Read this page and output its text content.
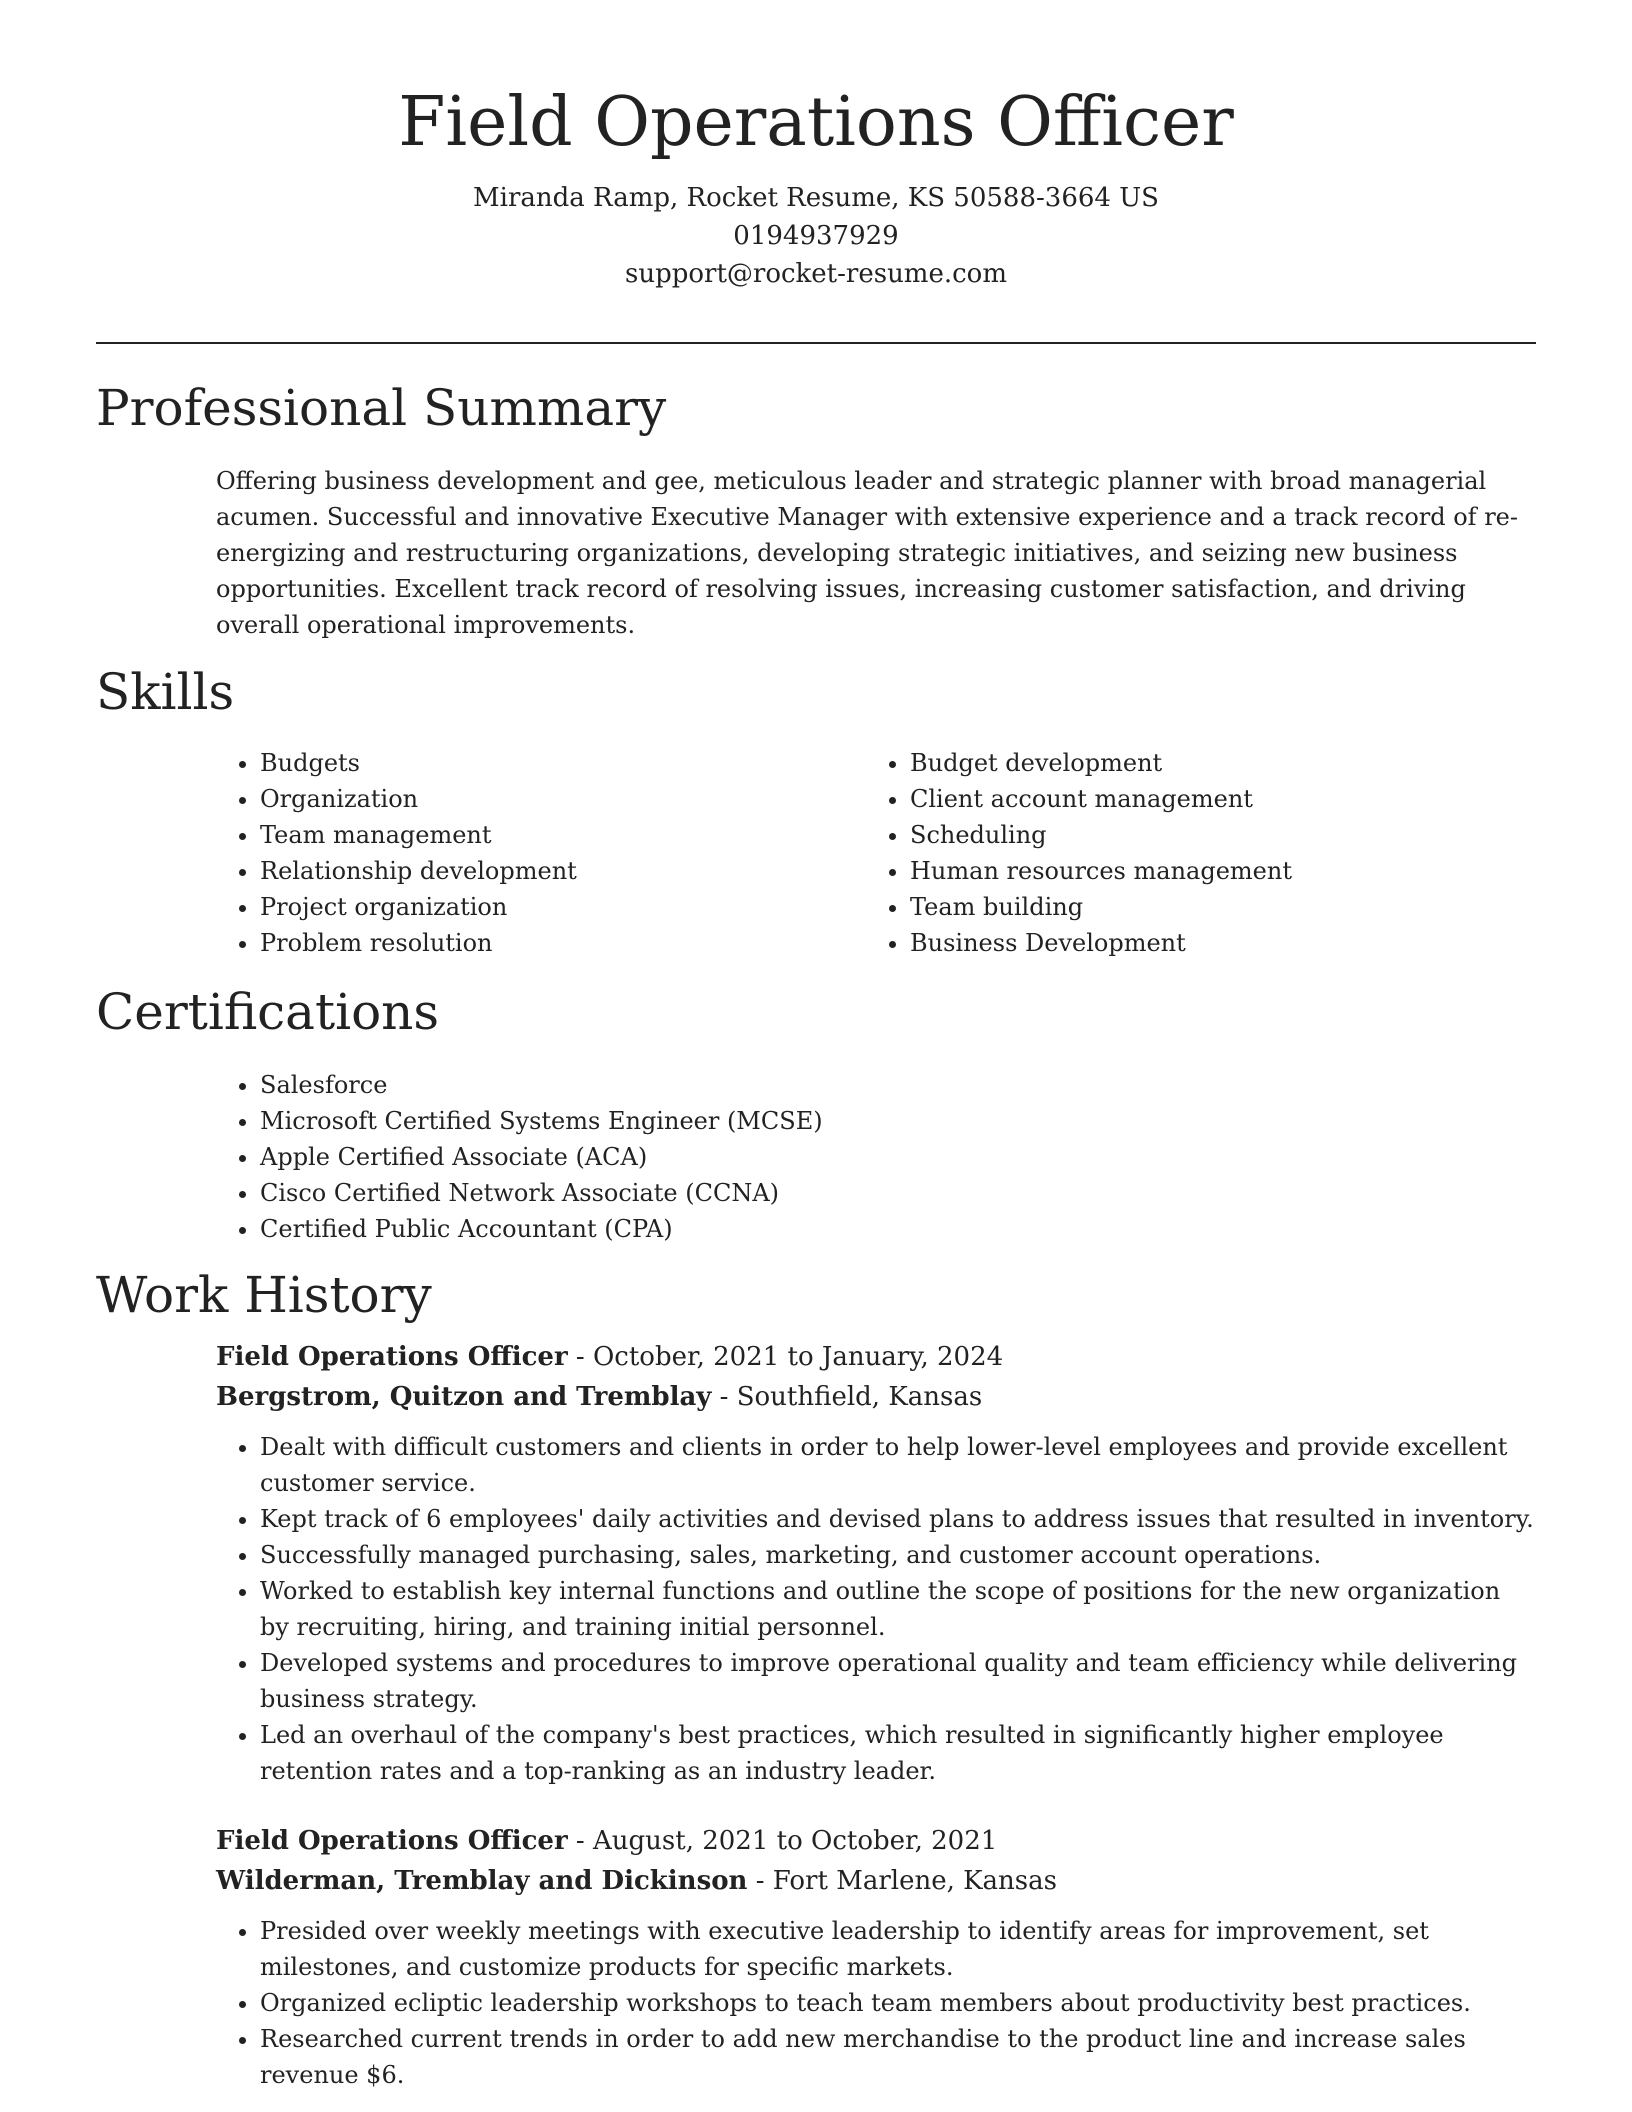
Field Operations Officer
Miranda Ramp, Rocket Resume, KS 50588-3664 US
0194937929
support@rocket-resume.com
Professional Summary

Offering business development and gee, meticulous leader and strategic planner with broad managerial acumen. Successful and innovative Executive Manager with extensive experience and a track record of re-energizing and restructuring organizations, developing strategic initiatives, and seizing new business opportunities. Excellent track record of resolving issues, increasing customer satisfaction, and driving overall operational improvements.

Skills
• Budgets
• Organization
• Team management
• Relationship development
• Project organization
• Problem resolution
• Budget development
• Client account management
• Scheduling
• Human resources management
• Team building
• Business Development
Certifications
• Salesforce
• Microsoft Certified Systems Engineer (MCSE)
• Apple Certified Associate (ACA)
• Cisco Certified Network Associate (CCNA)
• Certified Public Accountant (CPA)
Work History
Field Operations Officer - October, 2021 to January, 2024
Bergstrom, Quitzon and Tremblay - Southfield, Kansas
• Dealt with difficult customers and clients in order to help lower-level employees and provide excellent customer service.
• Kept track of 6 employees' daily activities and devised plans to address issues that resulted in inventory.
• Successfully managed purchasing, sales, marketing, and customer account operations.
• Worked to establish key internal functions and outline the scope of positions for the new organization by recruiting, hiring, and training initial personnel.
• Developed systems and procedures to improve operational quality and team efficiency while delivering business strategy.
• Led an overhaul of the company's best practices, which resulted in significantly higher employee retention rates and a top-ranking as an industry leader.
Field Operations Officer - August, 2021 to October, 2021
Wilderman, Tremblay and Dickinson - Fort Marlene, Kansas
• Presided over weekly meetings with executive leadership to identify areas for improvement, set milestones, and customize products for specific markets.
• Organized ecliptic leadership workshops to teach team members about productivity best practices.
• Researched current trends in order to add new merchandise to the product line and increase sales revenue $6.
